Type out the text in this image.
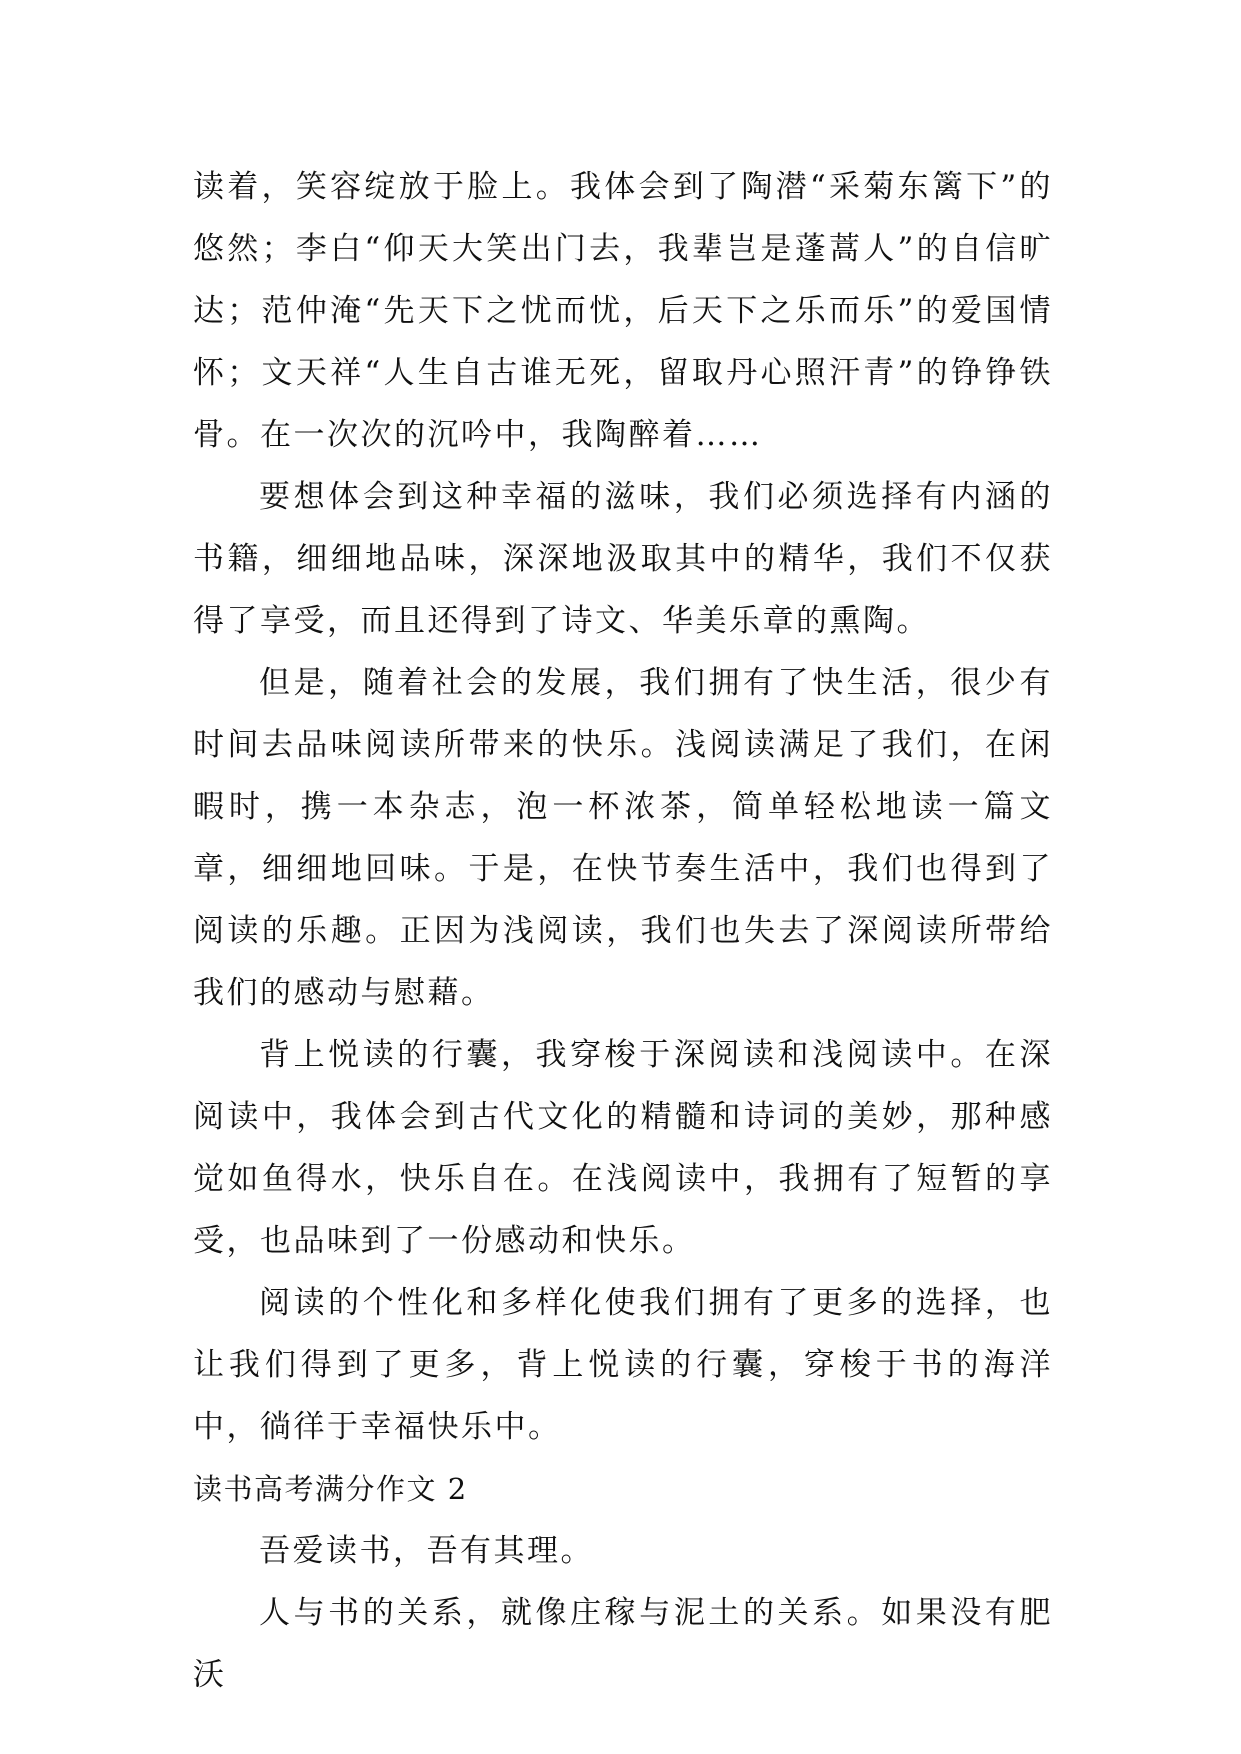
读着，笑容绽放于脸上。我体会到了陶潜“采菊东篱下”的悠然；李白“仰天大笑出门去，我辈岂是蓬蒿人”的自信旷达；范仲淹“先天下之忧而忧，后天下之乐而乐”的爱国情怀；文天祥“人生自古谁无死，留取丹心照汗青”的铮铮铁骨。在一次次的沉吟中，我陶醉着……

要想体会到这种幸福的滋味，我们必须选择有内涵的书籍，细细地品味，深深地汲取其中的精华，我们不仅获得了享受，而且还得到了诗文、华美乐章的熏陶。

但是，随着社会的发展，我们拥有了快生活，很少有时间去品味阅读所带来的快乐。浅阅读满足了我们，在闲暇时，携一本杂志，泡一杯浓茶，简单轻松地读一篇文章，细细地回味。于是，在快节奏生活中，我们也得到了阅读的乐趣。正因为浅阅读，我们也失去了深阅读所带给我们的感动与慰藉。

背上悦读的行囊，我穿梭于深阅读和浅阅读中。在深阅读中，我体会到古代文化的精髓和诗词的美妙，那种感觉如鱼得水，快乐自在。在浅阅读中，我拥有了短暂的享受，也品味到了一份感动和快乐。

阅读的个性化和多样化使我们拥有了更多的选择，也让我们得到了更多，背上悦读的行囊，穿梭于书的海洋中，徜徉于幸福快乐中。

读书高考满分作文 2

吾爱读书，吾有其理。

人与书的关系，就像庄稼与泥土的关系。如果没有肥沃
